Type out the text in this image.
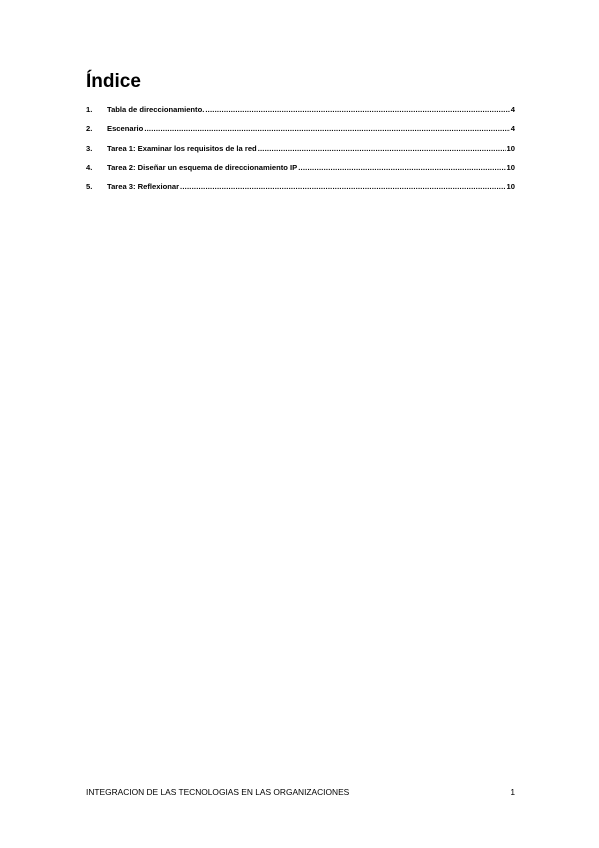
Índice
1.	Tabla de direccionamiento. .....	4
2.	Escenario .....	4
3.	Tarea 1: Examinar los requisitos de la red .....	10
4.	Tarea 2: Diseñar un esquema de direccionamiento IP .....	10
5.	Tarea 3: Reflexionar .....	10
INTEGRACION DE LAS TECNOLOGIAS EN LAS ORGANIZACIONES	1
